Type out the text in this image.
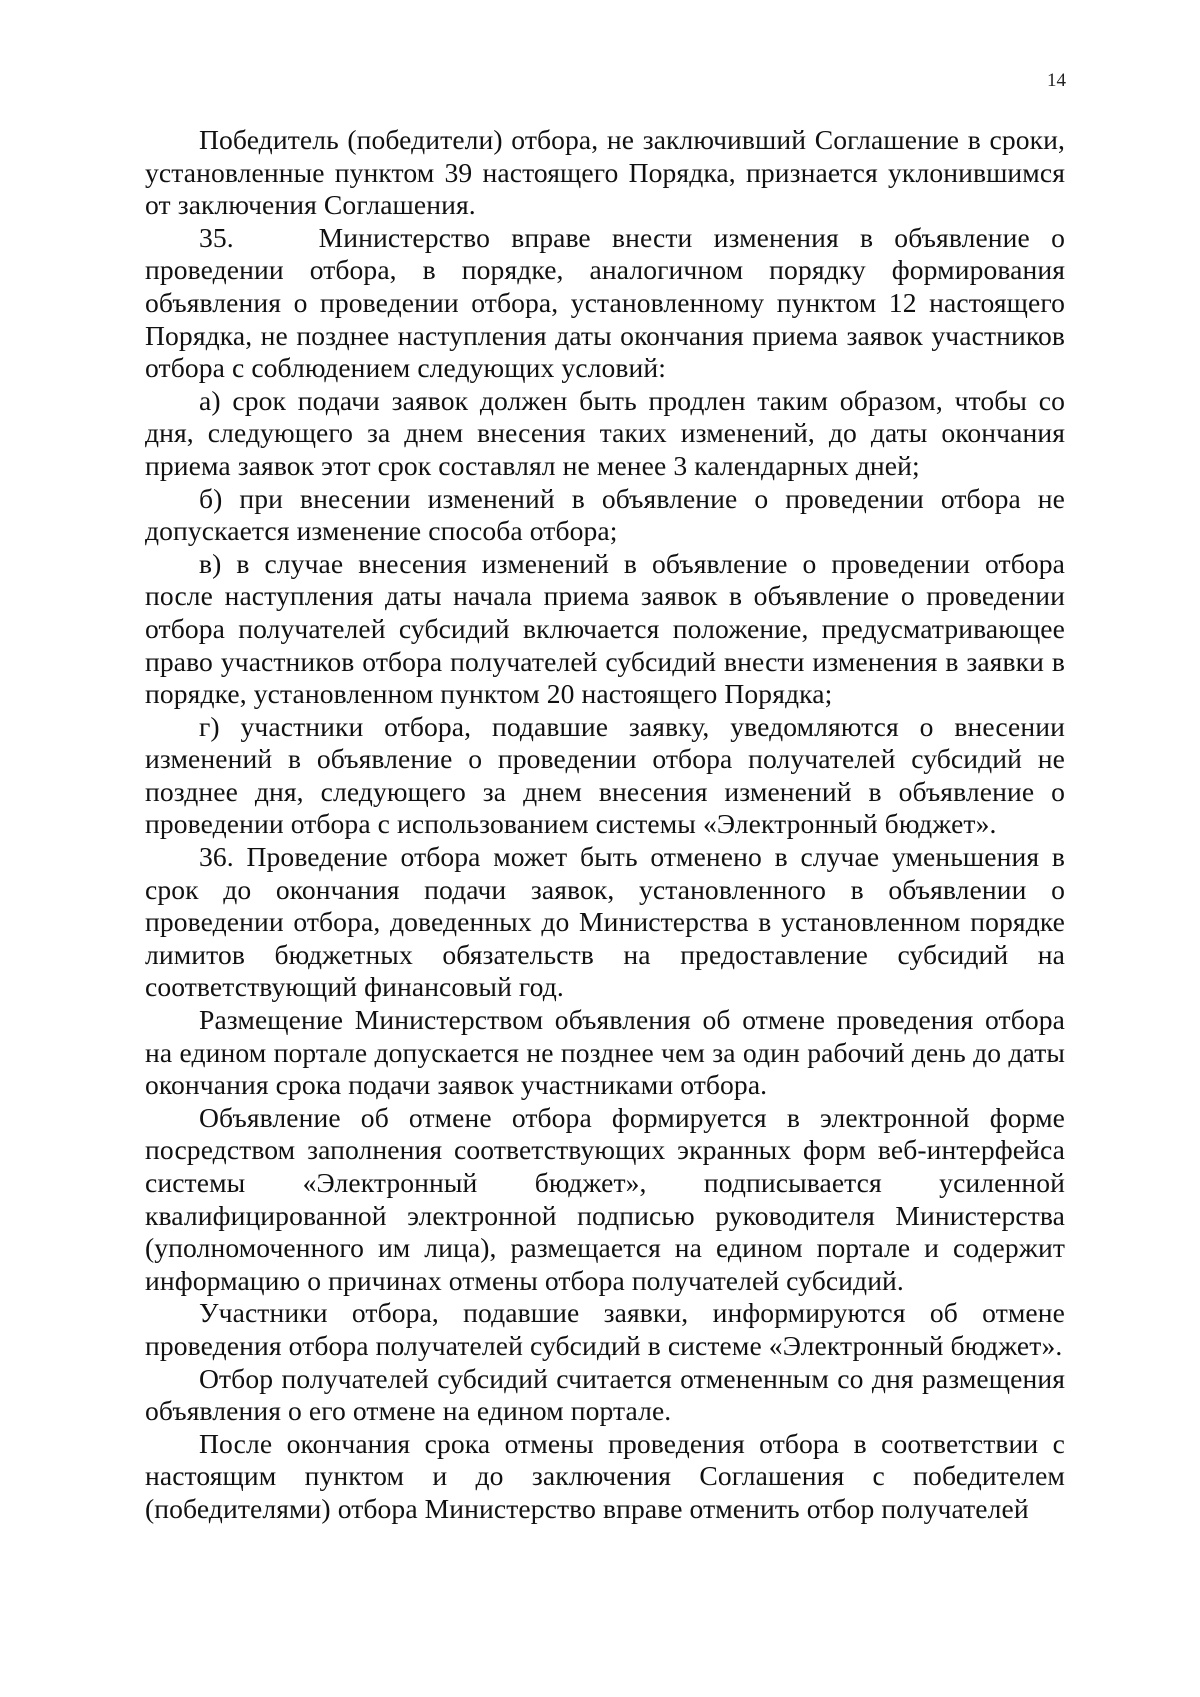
14

Победитель (победители) отбора, не заключивший Соглашение в сроки, установленные пунктом 39 настоящего Порядка, признается уклонившимся от заключения Соглашения.

35.    Министерство вправе внести изменения в объявление о проведении отбора, в порядке, аналогичном порядку формирования объявления о проведении отбора, установленному пунктом 12 настоящего Порядка, не позднее наступления даты окончания приема заявок участников отбора с соблюдением следующих условий:

а) срок подачи заявок должен быть продлен таким образом, чтобы со дня, следующего за днем внесения таких изменений, до даты окончания приема заявок этот срок составлял не менее 3 календарных дней;

б) при внесении изменений в объявление о проведении отбора не допускается изменение способа отбора;

в) в случае внесения изменений в объявление о проведении отбора после наступления даты начала приема заявок в объявление о проведении отбора получателей субсидий включается положение, предусматривающее право участников отбора получателей субсидий внести изменения в заявки в порядке, установленном пунктом 20 настоящего Порядка;

г) участники отбора, подавшие заявку, уведомляются о внесении изменений в объявление о проведении отбора получателей субсидий не позднее дня, следующего за днем внесения изменений в объявление о проведении отбора с использованием системы «Электронный бюджет».

36. Проведение отбора может быть отменено в случае уменьшения в срок до окончания подачи заявок, установленного в объявлении о проведении отбора, доведенных до Министерства в установленном порядке лимитов бюджетных обязательств на предоставление субсидий на соответствующий финансовый год.

Размещение Министерством объявления об отмене проведения отбора на едином портале допускается не позднее чем за один рабочий день до даты окончания срока подачи заявок участниками отбора.

Объявление об отмене отбора формируется в электронной форме посредством заполнения соответствующих экранных форм веб-интерфейса системы «Электронный бюджет», подписывается усиленной квалифицированной электронной подписью руководителя Министерства (уполномоченного им лица), размещается на едином портале и содержит информацию о причинах отмены отбора получателей субсидий.

Участники отбора, подавшие заявки, информируются об отмене проведения отбора получателей субсидий в системе «Электронный бюджет».

Отбор получателей субсидий считается отмененным со дня размещения объявления о его отмене на едином портале.

После окончания срока отмены проведения отбора в соответствии с настоящим пунктом и до заключения Соглашения с победителем (победителями) отбора Министерство вправе отменить отбор получателей
